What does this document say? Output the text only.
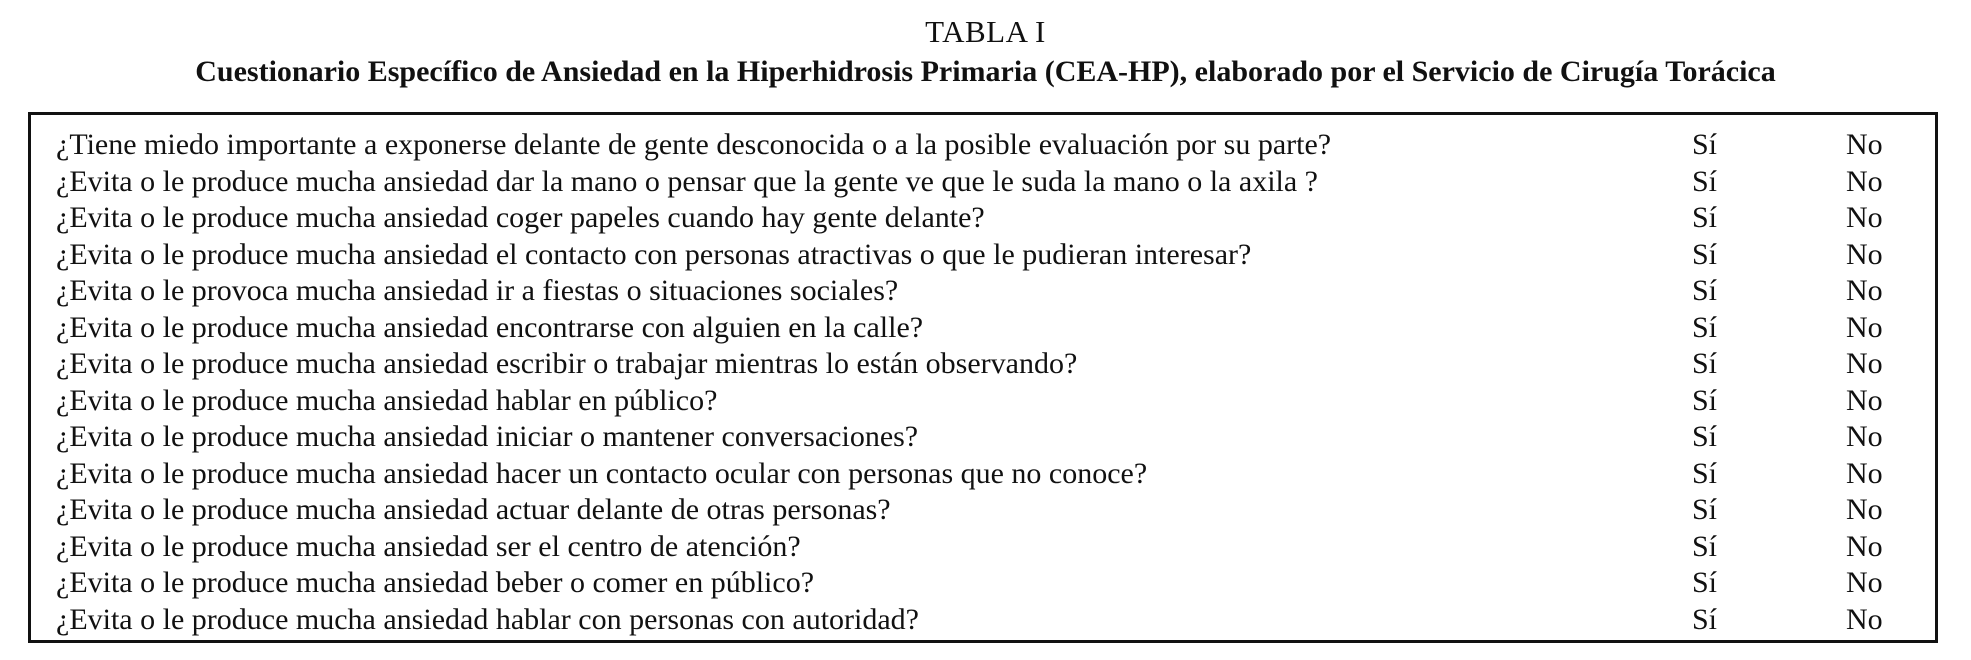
TABLA I
Cuestionario Específico de Ansiedad en la Hiperhidrosis Primaria (CEA-HP), elaborado por el Servicio de Cirugía Torácica
¿Tiene miedo importante a exponerse delante de gente desconocida o a la posible evaluación por su parte?	Sí	No
¿Evita o le produce mucha ansiedad dar la mano o pensar que la gente ve que le suda la mano o la axila ?	Sí	No
¿Evita o le produce mucha ansiedad coger papeles cuando hay gente delante?	Sí	No
¿Evita o le produce mucha ansiedad el contacto con personas atractivas o que le pudieran interesar?	Sí	No
¿Evita o le provoca mucha ansiedad ir a fiestas o situaciones sociales?	Sí	No
¿Evita o le produce mucha ansiedad encontrarse con alguien en la calle?	Sí	No
¿Evita o le produce mucha ansiedad escribir o trabajar mientras lo están observando?	Sí	No
¿Evita o le produce mucha ansiedad hablar en público?	Sí	No
¿Evita o le produce mucha ansiedad iniciar o mantener conversaciones?	Sí	No
¿Evita o le produce mucha ansiedad hacer un contacto ocular con personas que no conoce?	Sí	No
¿Evita o le produce mucha ansiedad actuar delante de otras personas?	Sí	No
¿Evita o le produce mucha ansiedad ser el centro de atención?	Sí	No
¿Evita o le produce mucha ansiedad beber o comer en público?	Sí	No
¿Evita o le produce mucha ansiedad hablar con personas con autoridad?	Sí	No
